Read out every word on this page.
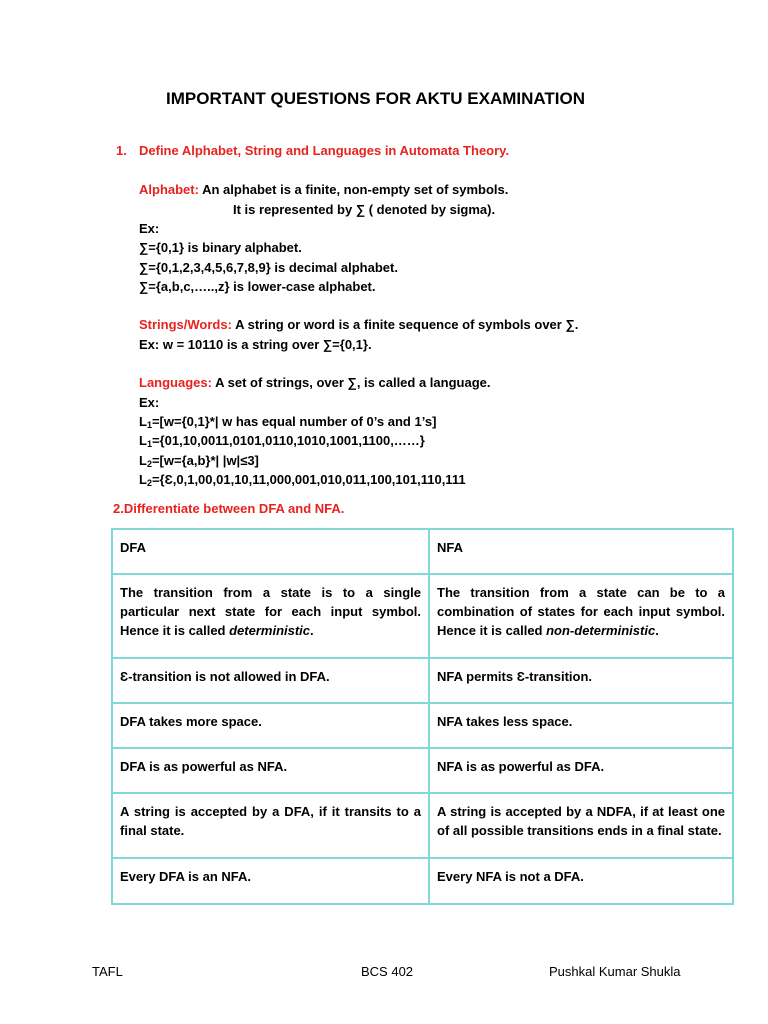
IMPORTANT QUESTIONS FOR AKTU EXAMINATION
1. Define Alphabet, String and Languages in Automata Theory.
Alphabet: An alphabet is a finite, non-empty set of symbols.
It is represented by ∑ ( denoted by sigma).
Ex:
∑={0,1} is binary alphabet.
∑={0,1,2,3,4,5,6,7,8,9} is decimal alphabet.
∑={a,b,c,…..,z} is lower-case alphabet.
Strings/Words: A string or word is a finite sequence of symbols over ∑.
Ex: w = 10110 is a string over ∑={0,1}.
Languages: A set of strings, over ∑, is called a language.
Ex:
$L_1=[w=\{0,1\}*|$ w has equal number of 0’s and 1’s]
$L_1=\{01,10,0011,0101,0110,1010,1001,1100,\dots\dots\}$
$L_2=[w=\{a,b\}*|$ |w|≤3]
$L_2=\{Ɛ,0,1,00,01,10,11,000,001,010,011,100,101,110,111$
2.Differentiate between DFA and NFA.
DFA	NFA
The transition from a state is to a single particular next state for each input symbol. Hence it is called deterministic.	The transition from a state can be to a combination of states for each input symbol. Hence it is called non-deterministic.
Ɛ-transition is not allowed in DFA.	NFA permits Ɛ-transition.
DFA takes more space.	NFA takes less space.
DFA is as powerful as NFA.	NFA is as powerful as DFA.
A string is accepted by a DFA, if it transits to a final state.	A string is accepted by a NDFA, if at least one of all possible transitions ends in a final state.
Every DFA is an NFA.	Every NFA is not a DFA.
TAFL	BCS 402	Pushkal Kumar Shukla
